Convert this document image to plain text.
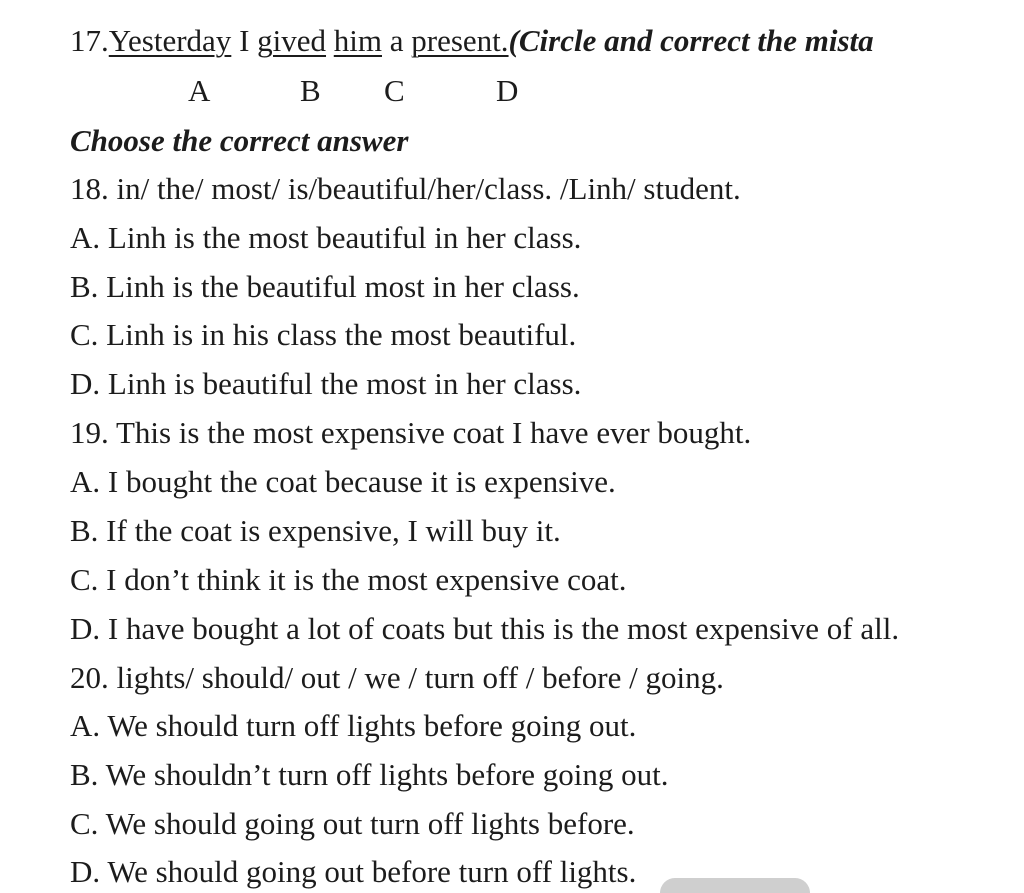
17.Yesterday I gived him a present.(Circle and correct the mista
A	B C	D
Choose the correct answer
18. in/ the/ most/ is/beautiful/her/class. /Linh/ student.
A. Linh is the most beautiful in her class.
B. Linh is the beautiful most in her class.
C. Linh is in his class the most beautiful.
D. Linh is beautiful the most in her class.
19. This is the most expensive coat I have ever bought.
A. I bought the coat because it is expensive.
B. If the coat is expensive, I will buy it.
C. I don’t think it is the most expensive coat.
D. I have bought a lot of coats but this is the most expensive of all.
20. lights/ should/ out / we / turn off / before / going.
A. We should turn off lights before going out.
B. We shouldn’t turn off lights before going out.
C. We should going out turn off lights before.
D. We should going out before turn off lights.
